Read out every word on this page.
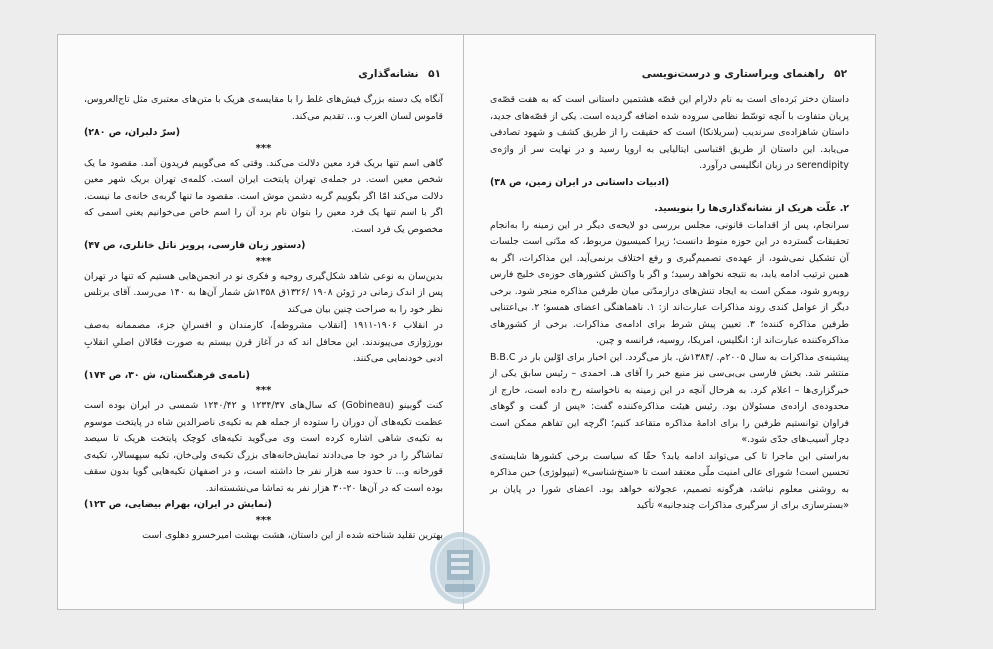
۵۱ نشانه‌گذاری

آنگاه یک دسته بزرگ فیش‌های غلط را با مقایسه‌ی هریک با متن‌های معتبری مثل تاج‌العروس، قاموس لسان العرب و... تقدیم می‌کند.

(سرّ دلبران، ص ۲۸۰)

***

گاهی اسم تنها بریک فرد معین دلالت می‌کند. وقتی که می‌گوییم فریدون آمد. مقصود ما یک شخص معین است. در جمله‌ی تهران پایتخت ایران است. کلمه‌ی تهران بریک شهر معین دلالت می‌کند امّا اگر بگوییم گربه دشمن موش است. مقصود ما تنها گربه‌ی خانه‌ی ما نیست. اگر با اسم تنها یک فرد معین را بتوان نام برد آن را اسم خاص می‌خوانیم یعنی اسمی که مخصوص یک فرد است.

(دستور زبان فارسی، پرویز ناتل خانلری، ص ۴۷)

***

بدین‌سان به نوعی شاهد شکل‌گیری روحیه و فکری نو در انجمن‌هایی هستیم که تنها در تهران پس از اندک زمانی در ژوئن ۱۹۰۸ /۱۳۲۶ق ۱۳۵۸ش شمار آن‌ها به ۱۴۰ می‌رسد. آقای برتلس نظر خود را به صراحت چنین بیان می‌کند

در انقلاب ۱۹۰۶-۱۹۱۱ [انقلاب مشروطه]، کارمندان و افسرانِ جزء، مصممانه به‌صف بورژوازی می‌پیوندند. این محافل اند که در آغاز قرن بیستم به صورت فعّالان اصلیِ انقلابِ ادبی خودنمایی می‌کنند.

(نامه‌ی فرهنگستان، ش ۳۰، ص ۱۷۴)

***

کنت گوبینو (Gobineau) که سال‌های ۱۲۳۴/۳۷ و ۱۲۴۰/۴۲ شمسی در ایران بوده است عظمت تکیه‌های آن دوران را ستوده از جمله هم به تکیه‌ی ناصرالدین شاه در پایتخت موسوم به تکیه‌ی شاهی اشاره کرده است وی می‌گوید تکیه‌های کوچک پایتخت هریک تا سیصد تماشاگر را در خود جا می‌دادند نمایش‌خانه‌های بزرگ تکیه‌ی ولی‌خان، تکیه سپهسالار، تکیه‌ی قورخانه و... تا حدود سه هزار نفر جا داشته است، و در اصفهان تکیه‌هایی گویا بدون سقف بوده است که در آن‌ها ۲۰-۳۰ هزار نفر به تماشا می‌نشسته‌اند.

(نمایش در ایران، بهرام بیضایی، ص ۱۲۳)

***

بهترین تقلید شناخته شده از این داستان، هشت بهشت امیرخسرو دهلوی است

۵۲ راهنمای ویراستاری و درست‌نویسی

داستان دختر بَرده‌ای است به نام دلارام این قصّه هشتمین داستانی است که به هفت قصّه‌ی پریان متفاوت با آنچه توسّط نظامی سروده شده اضافه گردیده است. یکی از قصّه‌های جدید، داستان شاهزاده‌ی سرندیب (سریلانکا) است که حقیقت را از طریق کشف و شهود تصادفی می‌یابد. این داستان از طریق اقتباسی ایتالیایی به اروپا رسید و در نهایت سر از واژه‌ی serendipity در زبان انگلیسی درآورد.

(ادبیات داستانی در ایران زمین، ص ۳۸)

۲. علّت هریک از نشانه‌گذاری‌ها را بنویسید.

سرانجام، پس از اقدامات قانونی، مجلس بررسی دو لایحه‌ی دیگر در این زمینه را به‌انجام تحقیقات گسترده در این حوزه منوط دانست؛ زیرا کمیسیون مربوط، که مدّتی است جلسات آن تشکیل نمی‌شود، از عهده‌ی تصمیم‌گیری و رفع اختلاف برنمی‌آید. این مذاکرات، اگر به همین ترتیب ادامه یابد، به نتیجه نخواهد رسید؛ و اگر با واکنش کشورهای حوزه‌ی خلیج فارس روبه‌رو شود، ممکن است به ایجاد تنش‌های درازمدّتی میان طرفین مذاکره منجر شود. برخی دیگر از عوامل کندی روند مذاکرات عبارت‌اند از: ۱. ناهماهنگی اعضای همسو؛ ۲. بی‌اعتنایی طرفین مذاکره کننده؛ ۳. تعیین پیش شرط برای ادامه‌ی مذاکرات. برخی از کشورهای مذاکره‌کننده عبارت‌اند از: انگلیس، امریکا، روسیه، فرانسه و چین.

پیشینه‌ی مذاکرات به سال ۲۰۰۵م. /۱۳۸۴ش. باز می‌گردد. این اخبار برای اوّلین بار در B.B.C منتشر شد. بخش فارسی بی‌بی‌سی نیز منبع خبر را آقای هـ. احمدی – رئیس سابق یکی از خبرگزاری‌ها – اعلام کرد. به هرحال آنچه در این زمینه به ناخواسته رخ داده است، خارج از محدوده‌ی اراده‌ی مسئولان بود. رئیس هیئت مذاکره‌کننده گفت: «پس از گفت و گوهای فراوان توانستیم طرفین را برای ادامهٔ مذاکره متقاعد کنیم؛ اگرچه این تفاهم ممکن است دچار آسیب‌های جدّی شود.»

به‌راستی این ماجرا تا کی می‌تواند ادامه یابد؟ حقّا که سیاست برخی کشورها شایسته‌ی تحسین است! شورای عالی امنیت ملّی معتقد است تا «سنخ‌شناسی» (تیپولوژی) حین مذاکره به روشنی معلوم نباشد، هرگونه تصمیم، عجولانه خواهد بود. اعضای شورا در پایان بر «بسترسازی برای از سرگیری مذاکرات چندجانبه» تأکید
